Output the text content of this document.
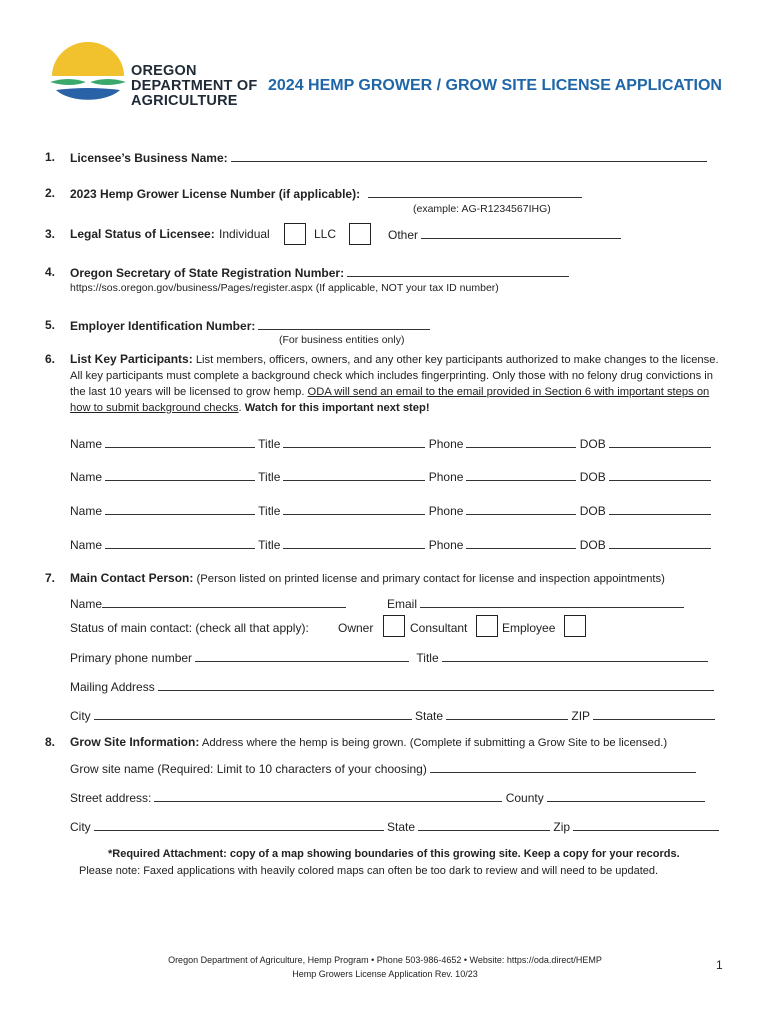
OREGON
DEPARTMENT OF
AGRICULTURE
2024 HEMP GROWER / GROW SITE LICENSE APPLICATION
1. Licensee’s Business Name:
2. 2023 Hemp Grower License Number (if applicable):
(example: AG-R1234567IHG)
3. Legal Status of Licensee: Individual	LLC	Other
4. Oregon Secretary of State Registration Number:
https://sos.oregon.gov/business/Pages/register.aspx (If applicable, NOT your tax ID number)
5. Employer Identification Number:
(For business entities only)
6. List Key Participants: List members, officers, owners, and any other key participants authorized to make changes to the license. All key participants must complete a background check which includes fingerprinting. Only those with no felony drug convictions in the last 10 years will be licensed to grow hemp. ODA will send an email to the email provided in Section 6 with important steps on how to submit background checks. Watch for this important next step!
Name	Title	Phone	DOB
Name	Title	Phone	DOB
Name	Title	Phone	DOB
Name	Title	Phone	DOB
7. Main Contact Person: (Person listed on printed license and primary contact for license and inspection appointments)
Name	Email
Status of main contact: (check all that apply): Owner	Consultant	Employee
Primary phone number	Title
Mailing Address
City	State	ZIP
8. Grow Site Information: Address where the hemp is being grown. (Complete if submitting a Grow Site to be licensed.)
Grow site name (Required: Limit to 10 characters of your choosing)
Street address:	County
City	State	Zip
*Required Attachment: copy of a map showing boundaries of this growing site. Keep a copy for your records.
Please note: Faxed applications with heavily colored maps can often be too dark to review and will need to be updated.
Oregon Department of Agriculture, Hemp Program • Phone 503-986-4652 • Website: https://oda.direct/HEMP
Hemp Growers License Application Rev. 10/23
1
